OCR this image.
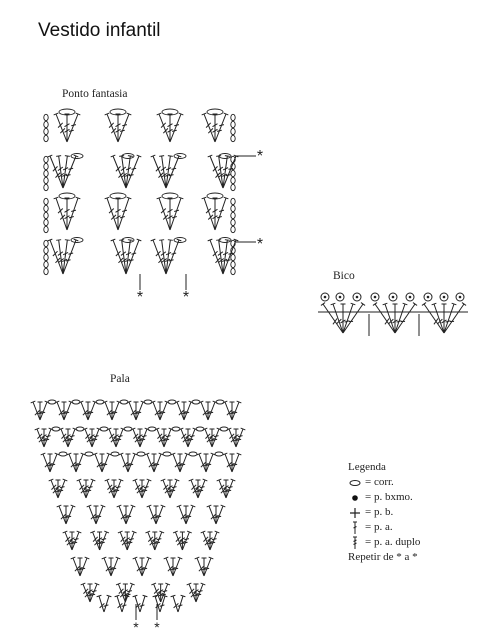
Vestido infantil
Ponto fantasia
Bico
Pala
*
*
* *
* *
Legenda
= corr.
= p. bxmo.
= p. b.
= p. a.
= p. a. duplo
Repetir de * a *
